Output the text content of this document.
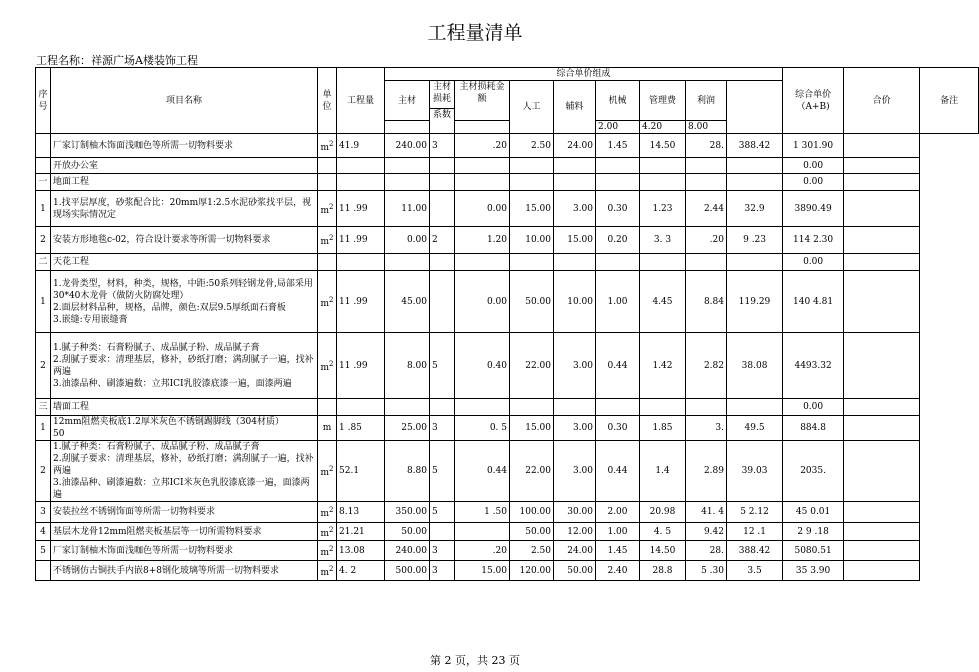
工程量清单
工程名称：祥源广场A楼装饰工程
序号	项目名称	单位	工程量	综合单价组成									综合单价
（A+B)	合价	备注
				主材	主材损耗	主材损耗金额	人工	辅料	机械	管理费	利润				
					系数										
									2.00	4.20	8.00				
	厂家订制柚木饰面浅咖色等所需一切物料要求	$m^2$	41.9	240.00	3	.20	2.50	24.00	1.45	14.50	28.	388.42	1 301.90		
	开放办公室												0.00		
一	地面工程												0.00		
1	1.找平层厚度，砂浆配合比：20mm厚1:2.5水泥砂浆找平层，视现场实际情况定	$m^2$	11 .99	11.00		0.00	15.00	3.00	0.30	1.23	2.44	32.9	3890.49		
2	安装方形地毯c-02，符合设计要求等所需一切物料要求	$m^2$	11 .99	0.00	2	1.20	10.00	15.00	0.20	3. 3	.20	9 .23	114 2.30		
二	天花工程												0.00		
1	1.龙骨类型，材料，种类，规格，中距:50系列轻钢龙骨,局部采用30*40木龙骨（做防火防腐处理）
2.面层材料品种，规格，品牌，颜色:双层9.5厚纸面石膏板
3.嵌缝:专用嵌缝膏	$m^2$	11 .99	45.00		0.00	50.00	10.00	1.00	4.45	8.84	119.29	140 4.81		
2	1.腻子种类：石膏粉腻子、成品腻子粉、成品腻子膏
2.刮腻子要求：清理基层，修补，砂纸打磨；满刮腻子一遍，找补两遍
3.油漆品种、刷漆遍数：立邦ICI乳胶漆底漆一遍，面漆两遍	$m^2$	11 .99	8.00	5	0.40	22.00	3.00	0.44	1.42	2.82	38.08	4493.32		
三	墙面工程												0.00		
1	12mm阻燃夹板底1.2厚米灰色不锈钢踢脚线（304材质）
50	m	1 .85	25.00	3	0. 5	15.00	3.00	0.30	1.85	3.	49.5	884.8		
2	1.腻子种类：石膏粉腻子、成品腻子粉、成品腻子膏
2.刮腻子要求：清理基层，修补，砂纸打磨；满刮腻子一遍，找补两遍
3.油漆品种、刷漆遍数：立邦ICI米灰色乳胶漆底漆一遍，面漆两遍	$m^2$	52.1	8.80	5	0.44	22.00	3.00	0.44	1.4	2.89	39.03	2035.		
3	安装拉丝不锈钢饰面等所需一切物料要求	$m^2$	8.13	350.00	5	1 .50	100.00	30.00	2.00	20.98	41. 4	5 2.12	45 0.01		
4	基层木龙骨12mm阻燃夹板基层等一切所需物料要求	$m^2$	21.21	50.00			50.00	12.00	1.00	4. 5	9.42	12 .1	2 9 .18		
5	厂家订制柚木饰面浅咖色等所需一切物料要求	$m^2$	13.08	240.00	3	.20	2.50	24.00	1.45	14.50	28.	388.42	5080.51		
	不锈钢仿古铜扶手内嵌8+8钢化玻璃等所需一切物料要求	$m^2$	4. 2	500.00	3	15.00	120.00	50.00	2.40	28.8	5 .30	3.5	35 3.90		
第 2 页，共 23 页
